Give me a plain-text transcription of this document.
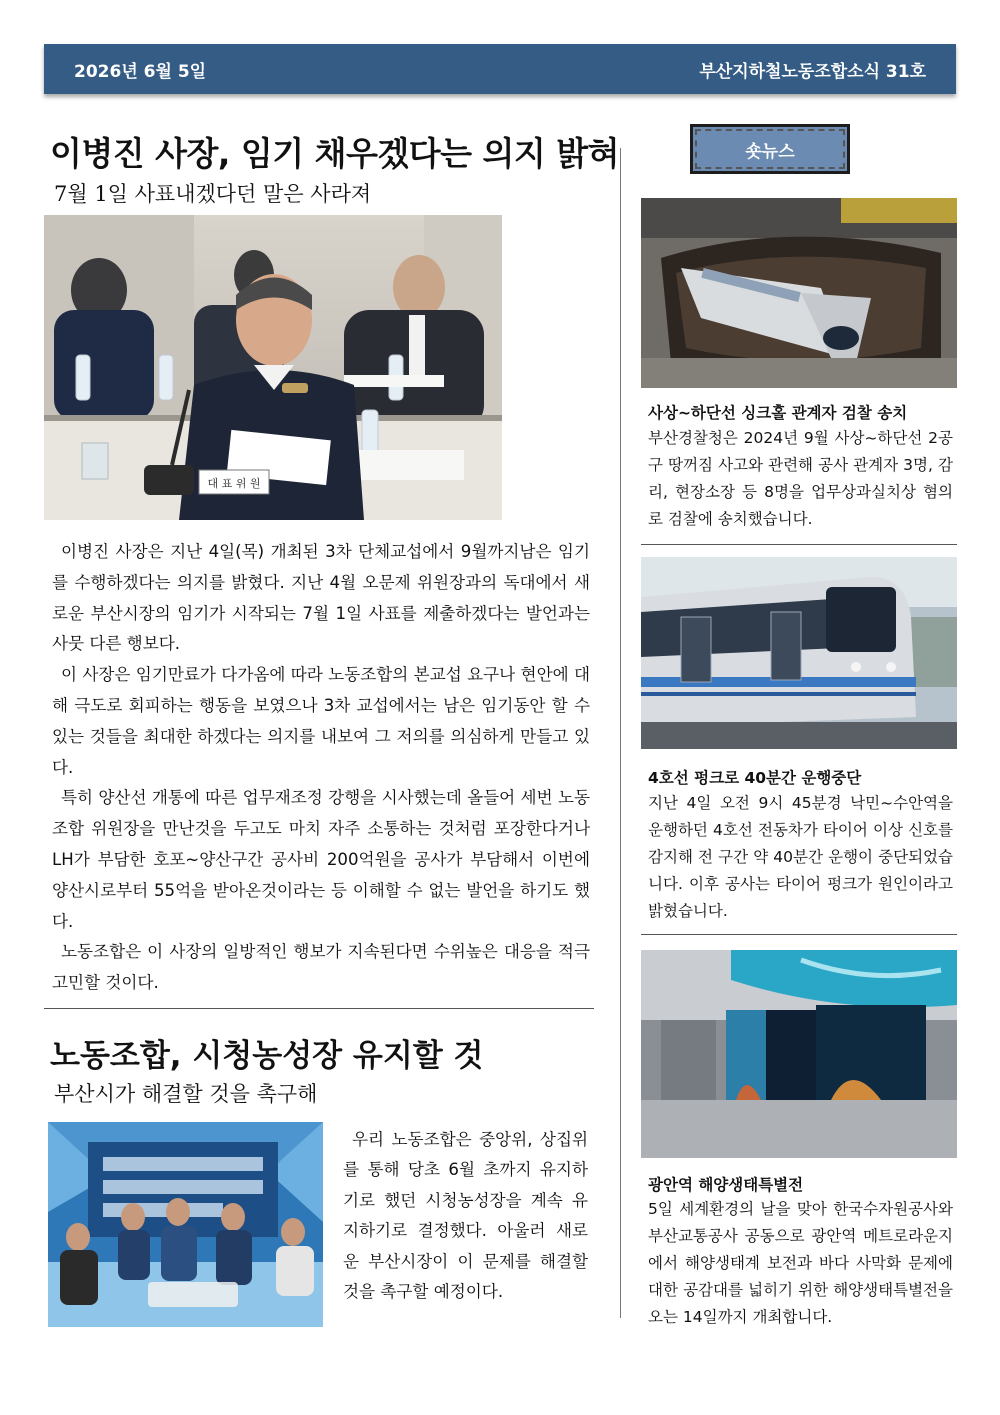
2026년 6월 5일	부산지하철노동조합소식 31호
이병진 사장, 임기 채우겠다는 의지 밝혀
7월 1일 사표내겠다던 말은 사라져
대 표 위 원

이병진 사장은 지난 4일(목) 개최된 3차 단체교섭에서 9월까지남은 임기를 수행하겠다는 의지를 밝혔다. 지난 4월 오문제 위원장과의 독대에서 새로운 부산시장의 임기가 시작되는 7월 1일 사표를 제출하겠다는 발언과는 사뭇 다른 행보다.

이 사장은 임기만료가 다가옴에 따라 노동조합의 본교섭 요구나 현안에 대해 극도로 회피하는 행동을 보였으나 3차 교섭에서는 남은 임기동안 할 수 있는 것들을 최대한 하겠다는 의지를 내보여 그 저의를 의심하게 만들고 있다.

특히 양산선 개통에 따른 업무재조정 강행을 시사했는데 올들어 세번 노동조합 위원장을 만난것을 두고도 마치 자주 소통하는 것처럼 포장한다거나 LH가 부담한 호포~양산구간 공사비 200억원을 공사가 부담해서 이번에 양산시로부터 55억을 받아온것이라는 등 이해할 수 없는 발언을 하기도 했다.

노동조합은 이 사장의 일방적인 행보가 지속된다면 수위높은 대응을 적극 고민할 것이다.

노동조합, 시청농성장 유지할 것
부산시가 해결할 것을 촉구해

우리 노동조합은 중앙위, 상집위를 통해 당초 6월 초까지 유지하기로 했던 시청농성장을 계속 유지하기로 결정했다. 아울러 새로운 부산시장이 이 문제를 해결할 것을 촉구할 예정이다.

숏뉴스
사상~하단선 싱크홀 관계자 검찰 송치

부산경찰청은 2024년 9월 사상~하단선 2공구 땅꺼짐 사고와 관련해 공사 관계자 3명, 감리, 현장소장 등 8명을 업무상과실치상 혐의로 검찰에 송치했습니다.

4호선 펑크로 40분간 운행중단

지난 4일 오전 9시 45분경 낙민~수안역을 운행하던 4호선 전동차가 타이어 이상 신호를 감지해 전 구간 약 40분간 운행이 중단되었습니다. 이후 공사는 타이어 펑크가 원인이라고 밝혔습니다.

광안역 해양생태특별전

5일 세계환경의 날을 맞아 한국수자원공사와 부산교통공사 공동으로 광안역 메트로라운지에서 해양생태계 보전과 바다 사막화 문제에 대한 공감대를 넓히기 위한 해양생태특별전을 오는 14일까지 개최합니다.
